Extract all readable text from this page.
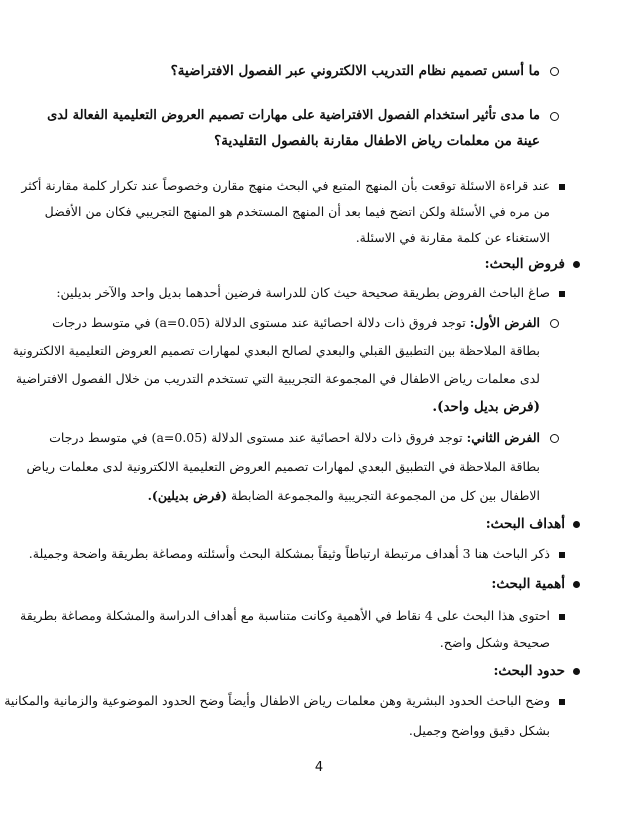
ما أسس تصميم نظام التدريب الالكتروني عبر الفصول الافتراضية؟
ما مدى تأثير استخدام الفصول الافتراضية على مهارات تصميم العروض التعليمية الفعالة لدى
عينة من معلمات رياض الاطفال مقارنة بالفصول التقليدية؟
عند قراءة الاسئلة توقعت بأن المنهج المتبع في البحث منهج مقارن وخصوصاً عند تكرار كلمة مقارنة أكثر
من مره في الأسئلة ولكن اتضح فيما بعد أن المنهج المستخدم هو المنهج التجريبي فكان من الأفضل
الاستغناء عن كلمة مقارنة في الاسئلة.
فروض البحث:
صاغ الباحث الفروض بطريقة صحيحة حيث كان للدراسة فرضين أحدهما بديل واحد والآخر بديلين:
الفرض الأول: توجد فروق ذات دلالة احصائية عند مستوى الدلالة (a=0.05) في متوسط درجات
بطاقة الملاحظة بين التطبيق القبلي والبعدي لصالح البعدي لمهارات تصميم العروض التعليمية الالكترونية
لدى معلمات رياض الاطفال في المجموعة التجريبية التي تستخدم التدريب من خلال الفصول الافتراضية
(فرض بديل واحد).
الفرض الثاني: توجد فروق ذات دلالة احصائية عند مستوى الدلالة (a=0.05) في متوسط درجات
بطاقة الملاحظة في التطبيق البعدي لمهارات تصميم العروض التعليمية الالكترونية لدى معلمات رياض
الاطفال بين كل من المجموعة التجريبية والمجموعة الضابطة (فرض بديلين).
أهداف البحث:
ذكر الباحث هنا 3 أهداف مرتبطة ارتباطاً وثيقاً بمشكلة البحث وأسئلته ومصاغة بطريقة واضحة وجميلة.
أهمية البحث:
احتوى هذا البحث على 4 نقاط في الأهمية وكانت متناسبة مع أهداف الدراسة والمشكلة ومصاغة بطريقة
صحيحة وشكل واضح.
حدود البحث:
وضح الباحث الحدود البشرية وهن معلمات رياض الاطفال وأيضاً وضح الحدود الموضوعية والزمانية والمكانية
بشكل دقيق وواضح وجميل.
4
